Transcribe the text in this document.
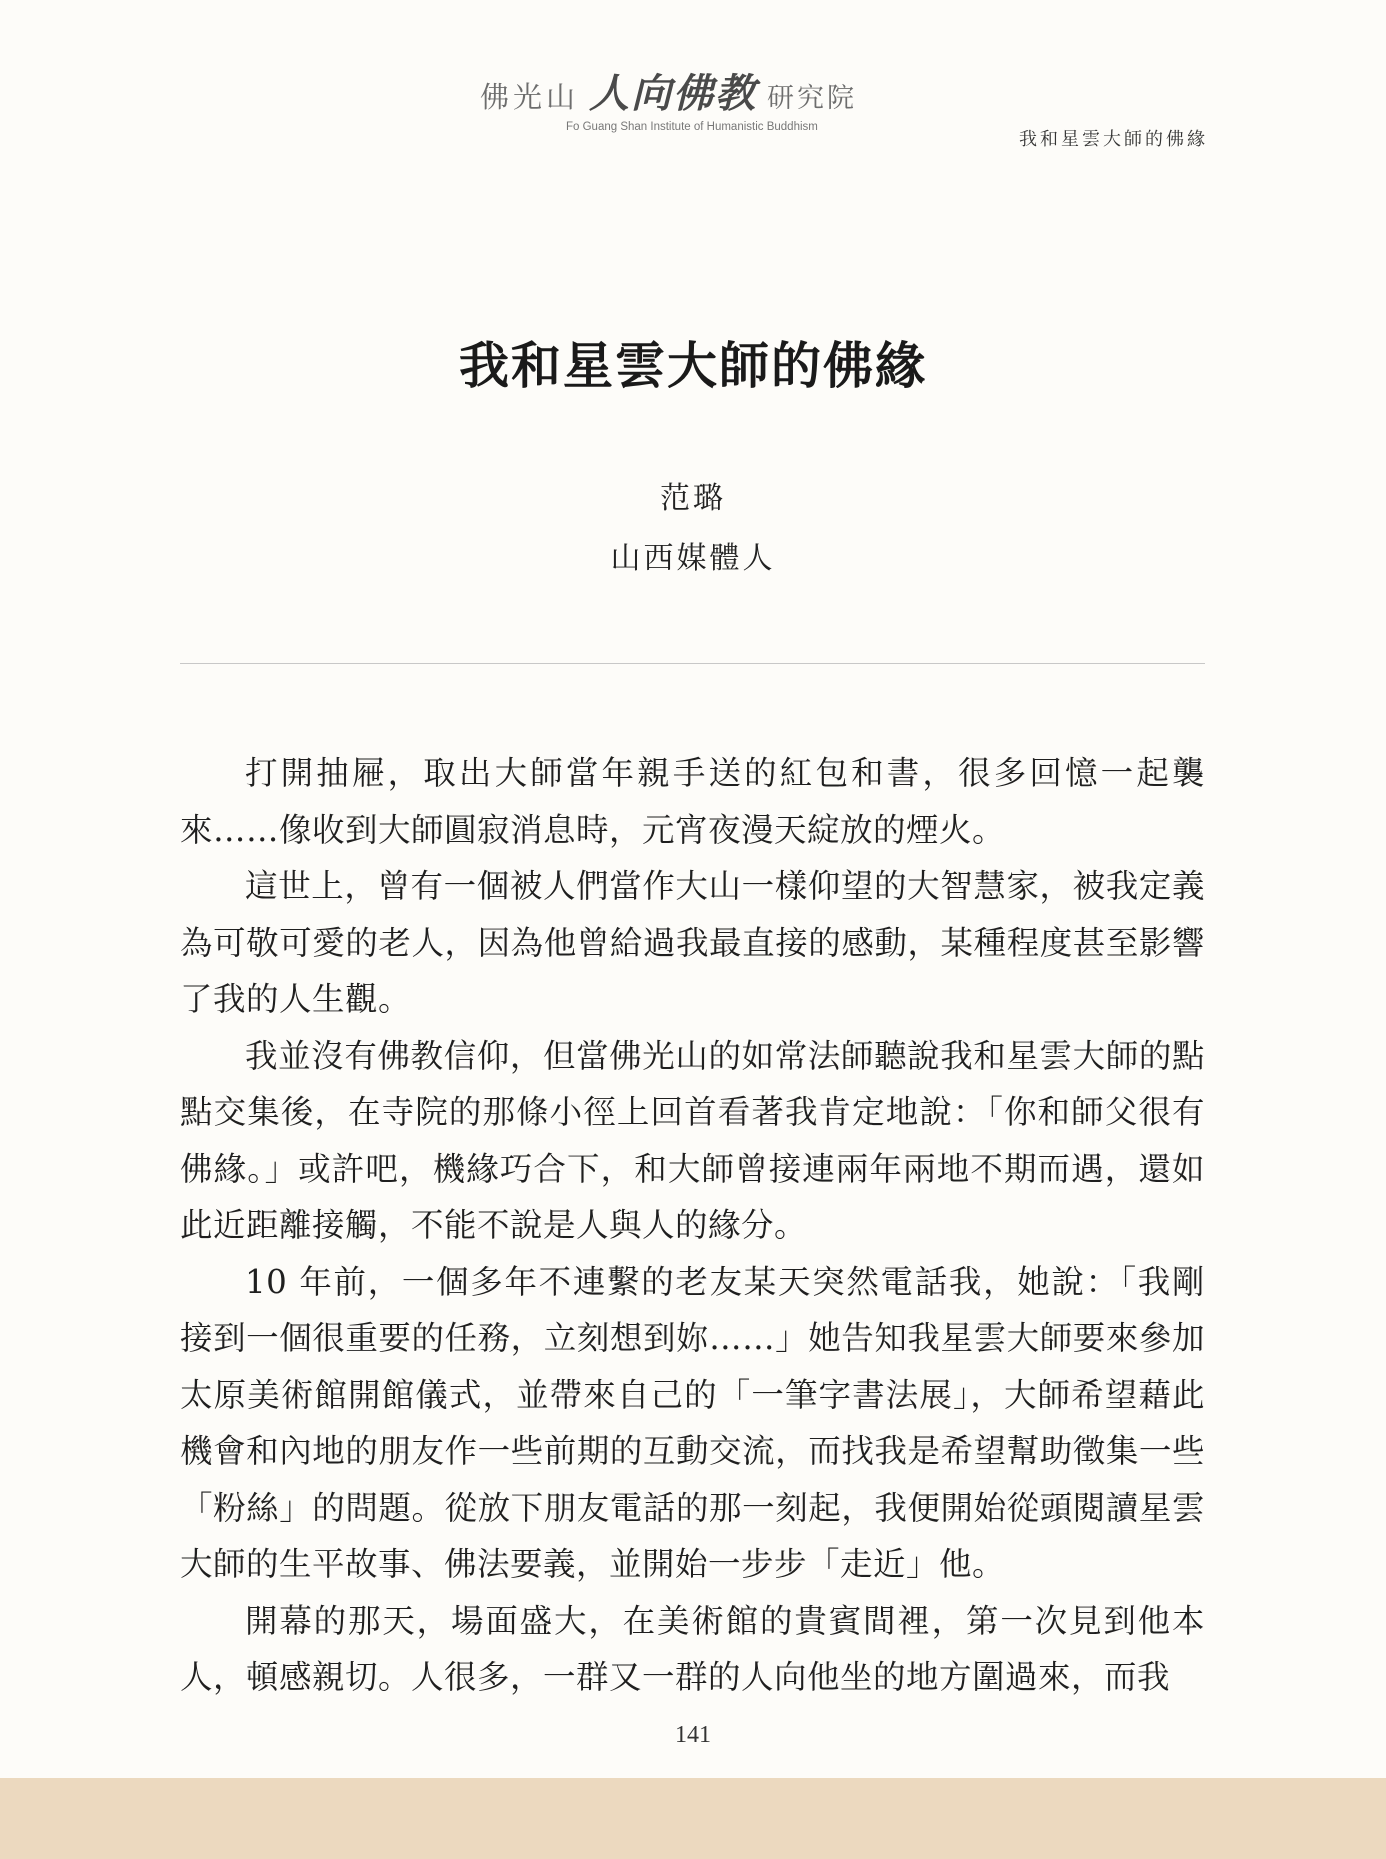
佛光山 人向佛教 研究院
Fo Guang Shan Institute of Humanistic Buddhism
我和星雲大師的佛緣
我和星雲大師的佛緣
范璐
山西媒體人

打開抽屜，取出大師當年親手送的紅包和書，很多回憶一起襲來……像收到大師圓寂消息時，元宵夜漫天綻放的煙火。

這世上，曾有一個被人們當作大山一樣仰望的大智慧家，被我定義為可敬可愛的老人，因為他曾給過我最直接的感動，某種程度甚至影響了我的人生觀。

我並沒有佛教信仰，但當佛光山的如常法師聽說我和星雲大師的點點交集後，在寺院的那條小徑上回首看著我肯定地說：「你和師父很有佛緣。」或許吧，機緣巧合下，和大師曾接連兩年兩地不期而遇，還如此近距離接觸，不能不說是人與人的緣分。

10 年前，一個多年不連繫的老友某天突然電話我，她說：「我剛接到一個很重要的任務，立刻想到妳……」她告知我星雲大師要來參加太原美術館開館儀式，並帶來自己的「一筆字書法展」，大師希望藉此機會和內地的朋友作一些前期的互動交流，而找我是希望幫助徵集一些「粉絲」的問題。從放下朋友電話的那一刻起，我便開始從頭閱讀星雲大師的生平故事、佛法要義，並開始一步步「走近」他。

開幕的那天，場面盛大，在美術館的貴賓間裡，第一次見到他本人，頓感親切。人很多，一群又一群的人向他坐的地方圍過來，而我

141
